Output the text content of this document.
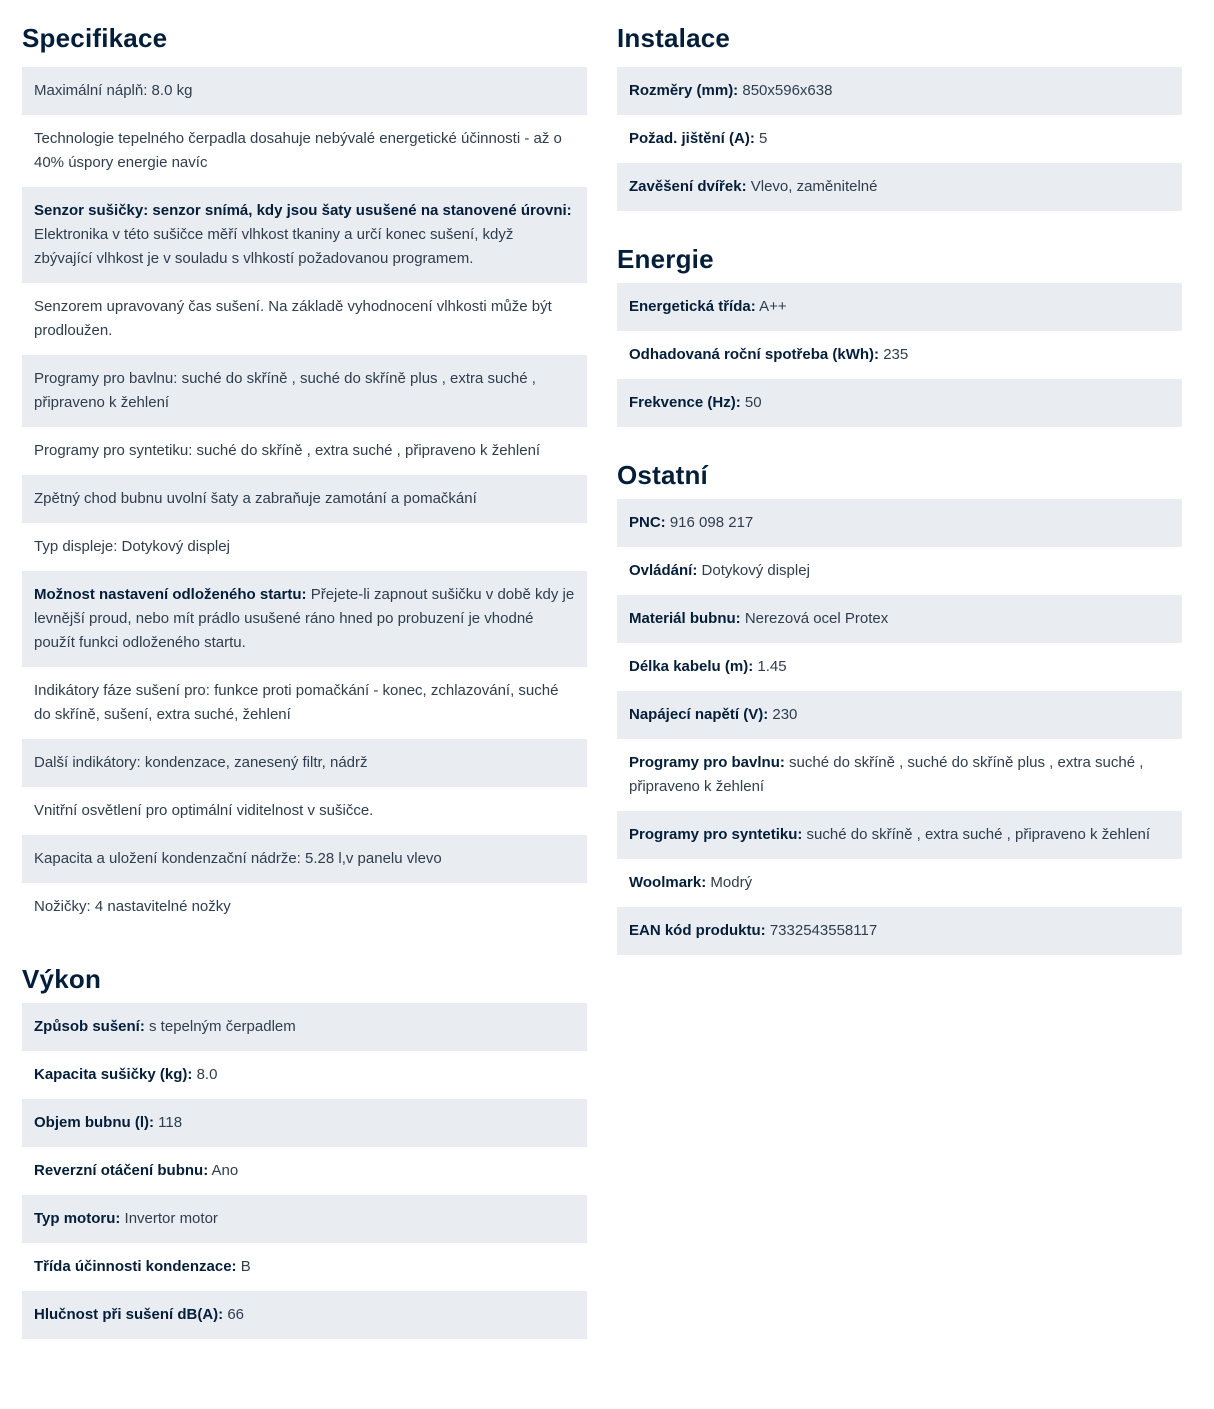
Specifikace
Maximální náplň: 8.0 kg
Technologie tepelného čerpadla dosahuje nebývalé energetické účinnosti - až o 40% úspory energie navíc
Senzor sušičky: senzor snímá, kdy jsou šaty usušené na stanovené úrovni: Elektronika v této sušičce měří vlhkost tkaniny a určí konec sušení, když zbývající vlhkost je v souladu s vlhkostí požadovanou programem.
Senzorem upravovaný čas sušení. Na základě vyhodnocení vlhkosti může být prodloužen.
Programy pro bavlnu: suché do skříně , suché do skříně plus , extra suché , připraveno k žehlení
Programy pro syntetiku: suché do skříně , extra suché , připraveno k žehlení
Zpětný chod bubnu uvolní šaty a zabraňuje zamotání a pomačkání
Typ displeje: Dotykový displej
Možnost nastavení odloženého startu: Přejete-li zapnout sušičku v době kdy je levnější proud, nebo mít prádlo usušené ráno hned po probuzení je vhodné použít funkci odloženého startu.
Indikátory fáze sušení pro: funkce proti pomačkání - konec, zchlazování, suché do skříně, sušení, extra suché, žehlení
Další indikátory: kondenzace, zanesený filtr, nádrž
Vnitřní osvětlení pro optimální viditelnost v sušičce.
Kapacita a uložení kondenzační nádrže: 5.28 l,v panelu vlevo
Nožičky: 4 nastavitelné nožky
Výkon
Způsob sušení: s tepelným čerpadlem
Kapacita sušičky (kg): 8.0
Objem bubnu (l): 118
Reverzní otáčení bubnu: Ano
Typ motoru: Invertor motor
Třída účinnosti kondenzace: B
Hlučnost při sušení dB(A): 66
Instalace
Rozměry (mm): 850x596x638
Požad. jištění (A): 5
Zavěšení dvířek: Vlevo, zaměnitelné
Energie
Energetická třída: A++
Odhadovaná roční spotřeba (kWh): 235
Frekvence (Hz): 50
Ostatní
PNC: 916 098 217
Ovládání: Dotykový displej
Materiál bubnu: Nerezová ocel Protex
Délka kabelu (m): 1.45
Napájecí napětí (V): 230
Programy pro bavlnu: suché do skříně , suché do skříně plus , extra suché , připraveno k žehlení
Programy pro syntetiku: suché do skříně , extra suché , připraveno k žehlení
Woolmark: Modrý
EAN kód produktu: 7332543558117
